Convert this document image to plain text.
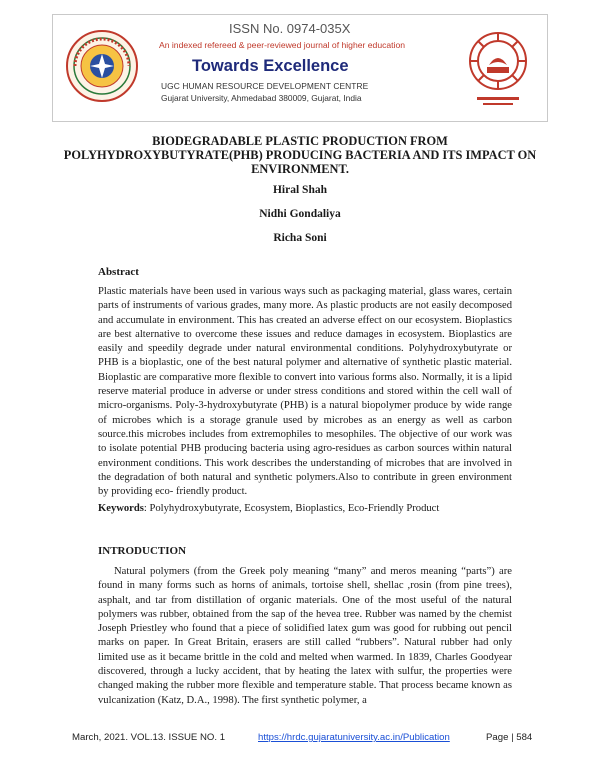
ISSN No. 0974-035X
An indexed refereed & peer-reviewed journal of higher education
Towards Excellence
UGC HUMAN RESOURCE DEVELOPMENT CENTRE
Gujarat University, Ahmedabad 380009, Gujarat, India
BIODEGRADABLE PLASTIC PRODUCTION FROM POLYHYDROXYBUTYRATE(PHB) PRODUCING BACTERIA AND ITS IMPACT ON ENVIRONMENT.
Hiral Shah
Nidhi Gondaliya
Richa Soni
Abstract

Plastic materials have been used in various ways such as packaging material, glass wares, certain parts of instruments of various grades, many more. As plastic products are not easily decomposed and accumulate in environment. This has created an adverse effect on our ecosystem. Bioplastics are best alternative to overcome these issues and reduce damages in ecosystem. Bioplastics are easily and speedily degrade under natural environmental conditions. Polyhydroxybutyrate or PHB is a bioplastic, one of the best natural polymer and alternative of synthetic plastic material. Bioplastic are comparative more flexible to convert into various forms also. Normally, it is a lipid reserve material produce in adverse or under stress conditions and stored within the cell wall of micro-organisms. Poly-3-hydroxybutyrate (PHB) is a natural biopolymer produce by wide range of microbes which is a storage granule used by microbes as an energy as well as carbon source.this microbes includes from extremophiles to mesophiles. The objective of our work was to isolate potential PHB producing bacteria using agro-residues as carbon sources within natural environment conditions. This work describes the understanding of microbes that are involved in the degradation of both natural and synthetic polymers.Also to contribute in green environment by providing eco- friendly product.

Keywords: Polyhydroxybutyrate, Ecosystem, Bioplastics, Eco-Friendly Product
INTRODUCTION

Natural polymers (from the Greek poly meaning “many” and meros meaning “parts”) are found in many forms such as horns of animals, tortoise shell, shellac ,rosin (from pine trees), asphalt, and tar from distillation of organic materials. One of the most useful of the natural polymers was rubber, obtained from the sap of the hevea tree. Rubber was named by the chemist Joseph Priestley who found that a piece of solidified latex gum was good for rubbing out pencil marks on paper. In Great Britain, erasers are still called “rubbers”. Natural rubber had only limited use as it became brittle in the cold and melted when warmed. In 1839, Charles Goodyear discovered, through a lucky accident, that by heating the latex with sulfur, the properties were changed making the rubber more flexible and temperature stable. That process became known as vulcanization (Katz, D.A., 1998). The first synthetic polymer, a

March, 2021. VOL.13. ISSUE NO. 1	https://hrdc.gujaratuniversity.ac.in/Publication	Page | 584
